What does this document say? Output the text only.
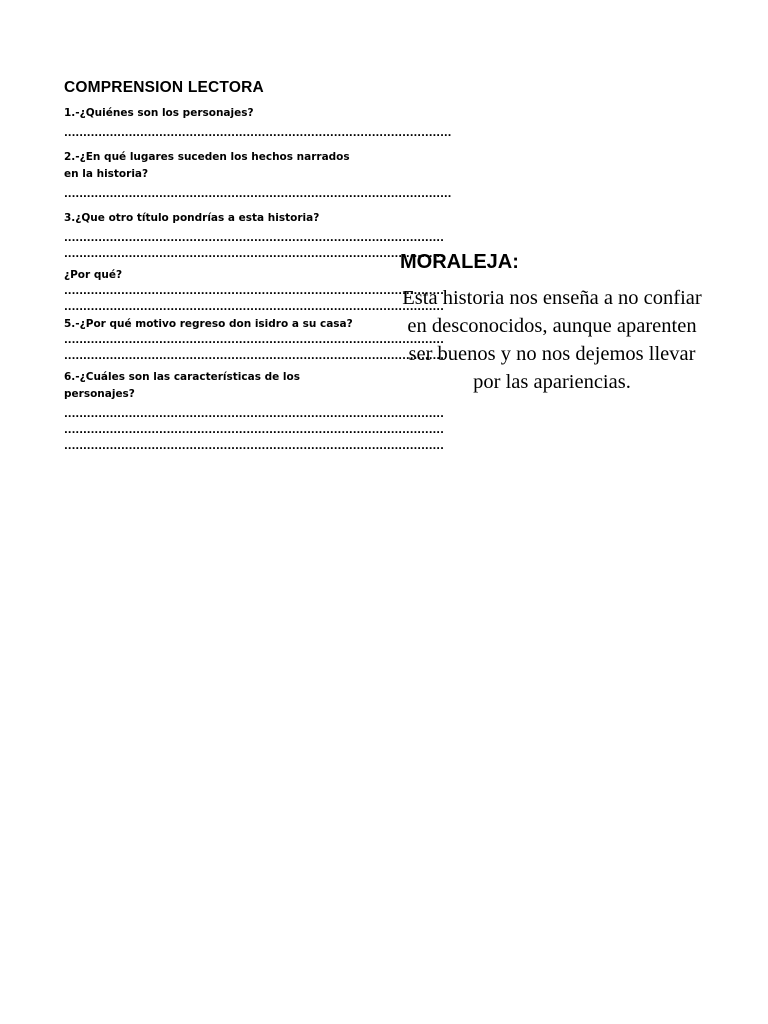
COMPRENSION LECTORA

1.-¿Quiénes son los personajes?

......................................................................................................

2.-¿En qué lugares suceden los hechos narrados en la historia?

......................................................................................................

3.¿Que otro título pondrías a esta historia?

....................................................................................................

....................................................................................................

¿Por qué?

....................................................................................................

....................................................................................................

5.-¿Por qué motivo regreso don isidro a su casa?

....................................................................................................

....................................................................................................

6.-¿Cuáles son las características de los personajes?

....................................................................................................

....................................................................................................

....................................................................................................

MORALEJA:

Esta historia nos enseña a no confiar en desconocidos, aunque aparenten ser buenos y no nos dejemos llevar por las apariencias.
